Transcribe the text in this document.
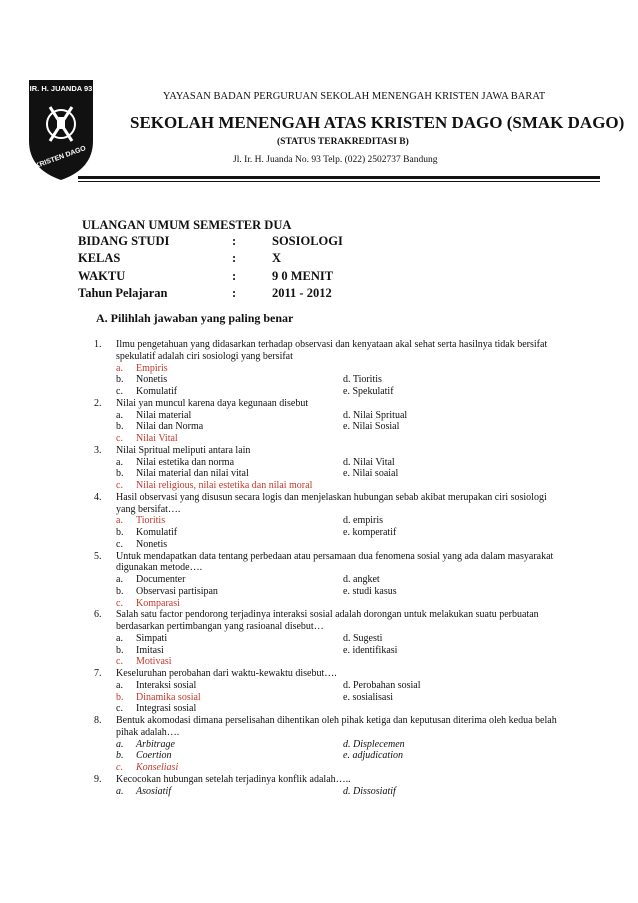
IR. H. JUANDA 93
KRISTEN DAGO
YAYASAN BADAN PERGURUAN SEKOLAH MENENGAH KRISTEN JAWA BARAT
SEKOLAH MENENGAH ATAS KRISTEN DAGO (SMAK DAGO)
(STATUS TERAKREDITASI B)
Jl. Ir. H. Juanda No. 93 Telp. (022) 2502737 Bandung
ULANGAN UMUM SEMESTER DUA
BIDANG STUDI	:	SOSIOLOGI
KELAS	:	X
WAKTU	:	9 0 MENIT
Tahun Pelajaran	:	2011 - 2012
A. Pilihlah jawaban yang paling benar
1. Ilmu pengetahuan yang didasarkan terhadap observasi dan kenyataan akal sehat serta hasilnya tidak bersifat spekulatif adalah ciri sosiologi yang bersifat
a. Empiris
b. Nonetis	d. Tioritis
c. Komulatif	e. Spekulatif
2. Nilai yan muncul karena daya kegunaan disebut
a. Nilai material	d. Nilai Spritual
b. Nilai dan Norma	e. Nilai Sosial
c. Nilai Vital
3. Nilai Spritual meliputi antara lain
a. Nilai estetika dan norma	d. Nilai Vital
b. Nilai material dan nilai vital	e. Nilai soaial
c. Nilai religious, nilai estetika dan nilai moral
4. Hasil observasi yang disusun secara logis dan menjelaskan hubungan sebab akibat merupakan ciri sosiologi yang bersifat….
a. Tioritis	d. empiris
b. Komulatif	e. komperatif
c. Nonetis
5. Untuk mendapatkan data tentang perbedaan atau persamaan dua fenomena sosial yang ada dalam masyarakat digunakan metode….
a. Documenter	d. angket
b. Observasi partisipan	e. studi kasus
c. Komparasi
6. Salah satu factor pendorong terjadinya interaksi sosial adalah dorongan untuk melakukan suatu perbuatan berdasarkan pertimbangan yang rasioanal disebut…
a. Simpati	d. Sugesti
b. Imitasi	e. identifikasi
c. Motivasi
7. Keseluruhan perobahan dari waktu-kewaktu disebut….
a. Interaksi sosial	d. Perobahan sosial
b. Dinamika sosial	e. sosialisasi
c. Integrasi sosial
8. Bentuk akomodasi dimana perselisahan dihentikan oleh pihak ketiga dan keputusan diterima oleh kedua belah pihak adalah….
a. Arbitrage	d. Displecemen
b. Coertion	e. adjudication
c. Konseliasi
9. Kecocokan hubungan setelah terjadinya konflik adalah…..
a. Asosiatif	d. Dissosiatif
